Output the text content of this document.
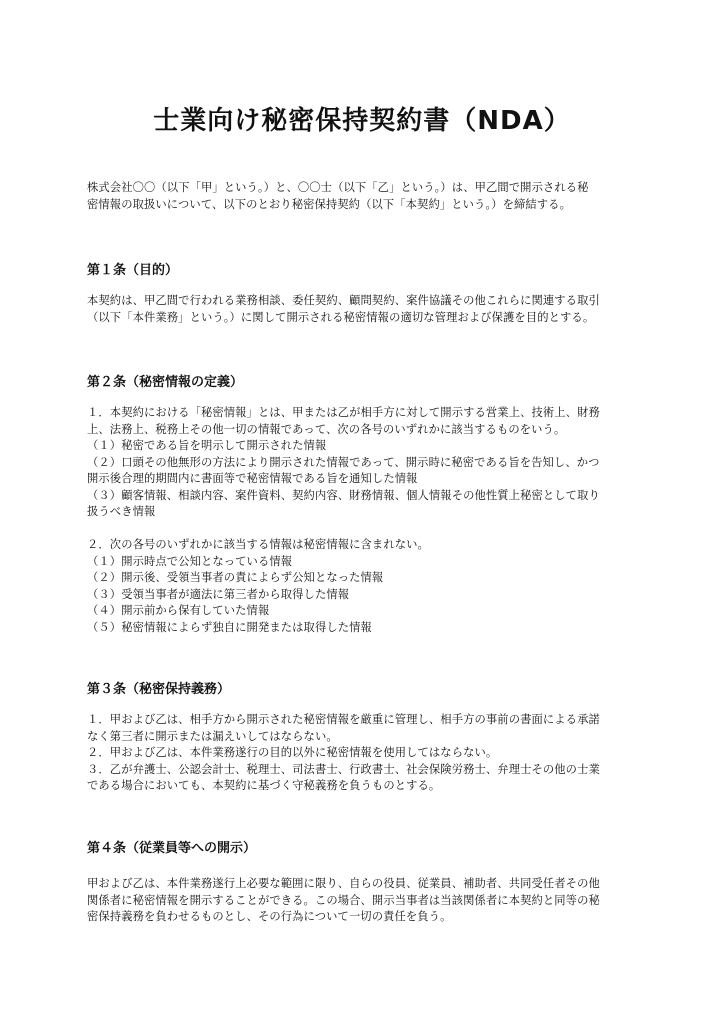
士業向け秘密保持契約書（NDA）

株式会社〇〇（以下「甲」という。）と、〇〇士（以下「乙」という。）は、甲乙間で開示される秘

密情報の取扱いについて、以下のとおり秘密保持契約（以下「本契約」という。）を締結する。

第１条（目的）

本契約は、甲乙間で行われる業務相談、委任契約、顧問契約、案件協議その他これらに関連する取引

（以下「本件業務」という。）に関して開示される秘密情報の適切な管理および保護を目的とする。

第２条（秘密情報の定義）

１．本契約における「秘密情報」とは、甲または乙が相手方に対して開示する営業上、技術上、財務

上、法務上、税務上その他一切の情報であって、次の各号のいずれかに該当するものをいう。

（１）秘密である旨を明示して開示された情報

（２）口頭その他無形の方法により開示された情報であって、開示時に秘密である旨を告知し、かつ

開示後合理的期間内に書面等で秘密情報である旨を通知した情報

（３）顧客情報、相談内容、案件資料、契約内容、財務情報、個人情報その他性質上秘密として取り

扱うべき情報

２．次の各号のいずれかに該当する情報は秘密情報に含まれない。

（１）開示時点で公知となっている情報

（２）開示後、受領当事者の責によらず公知となった情報

（３）受領当事者が適法に第三者から取得した情報

（４）開示前から保有していた情報

（５）秘密情報によらず独自に開発または取得した情報

第３条（秘密保持義務）

１．甲および乙は、相手方から開示された秘密情報を厳重に管理し、相手方の事前の書面による承諾

なく第三者に開示または漏えいしてはならない。

２．甲および乙は、本件業務遂行の目的以外に秘密情報を使用してはならない。

３．乙が弁護士、公認会計士、税理士、司法書士、行政書士、社会保険労務士、弁理士その他の士業

である場合においても、本契約に基づく守秘義務を負うものとする。

第４条（従業員等への開示）

甲および乙は、本件業務遂行上必要な範囲に限り、自らの役員、従業員、補助者、共同受任者その他

関係者に秘密情報を開示することができる。この場合、開示当事者は当該関係者に本契約と同等の秘

密保持義務を負わせるものとし、その行為について一切の責任を負う。
